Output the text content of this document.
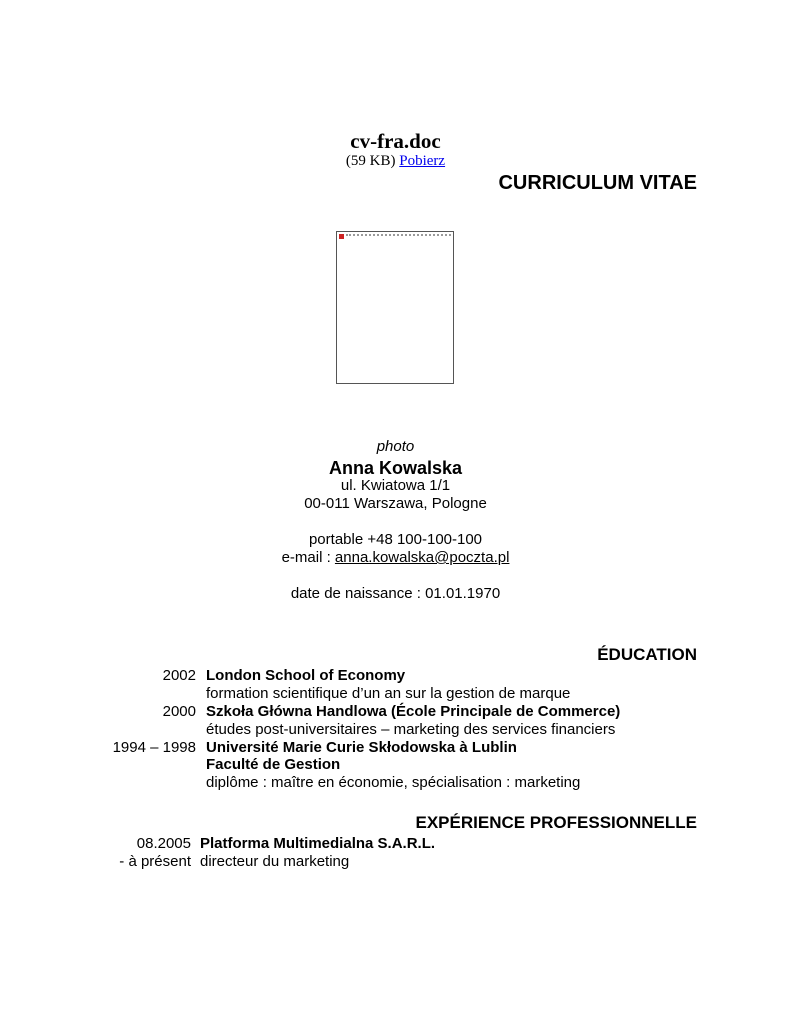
cv-fra.doc
(59 KB) Pobierz
CURRICULUM VITAE
photo
Anna Kowalska
ul. Kwiatowa 1/1
00-011 Warszawa, Pologne
portable +48 100-100-100
e-mail : anna.kowalska@poczta.pl
date de naissance : 01.01.1970
ÉDUCATION
2002 London School of Economy
formation scientifique d’un an sur la gestion de marque
2000 Szkoła Główna Handlowa (École Principale de Commerce)
études post-universitaires – marketing des services financiers
1994 – 1998 Université Marie Curie Skłodowska à Lublin
Faculté de Gestion
diplôme : maître en économie, spécialisation : marketing
EXPÉRIENCE PROFESSIONNELLE
08.2005 Platforma Multimedialna S.A.R.L.
- à présent directeur du marketing
